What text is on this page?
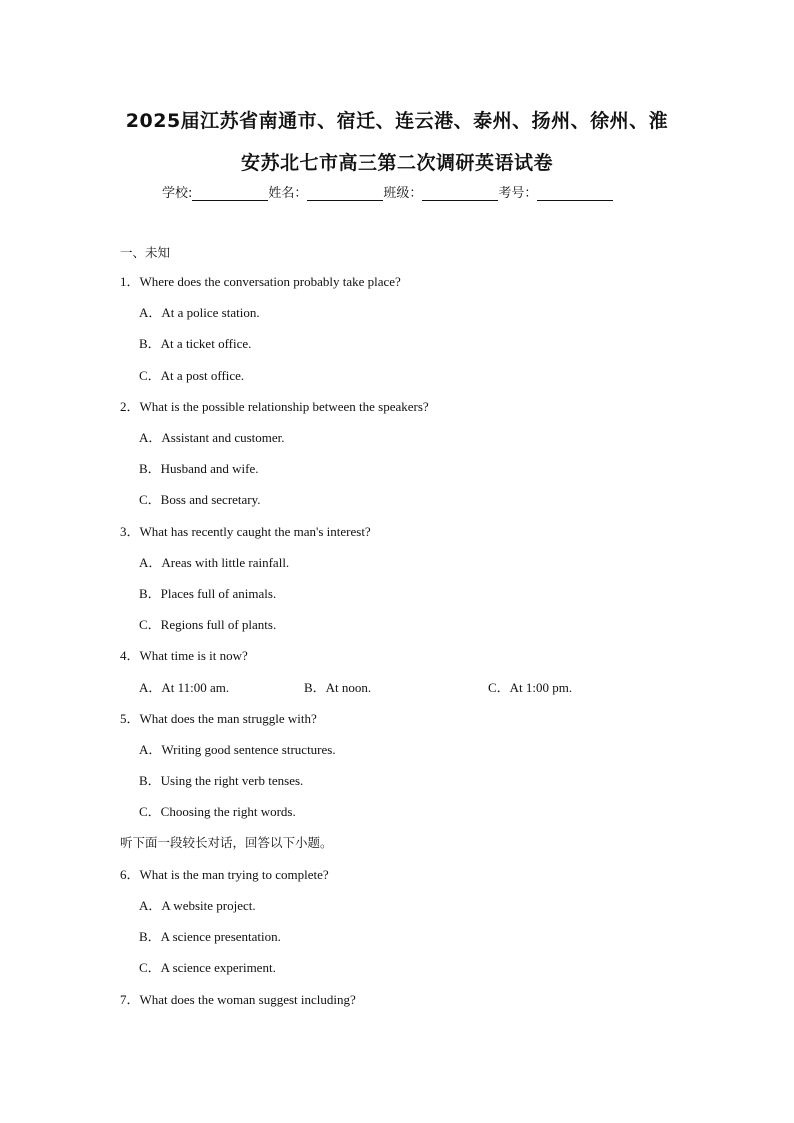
2025届江苏省南通市、宿迁、连云港、泰州、扬州、徐州、淮
安苏北七市高三第二次调研英语试卷
学校:	姓名：	班级：	考号：
一、未知
1．Where does the conversation probably take place?
A．At a police station.
B．At a ticket office.
C．At a post office.
2．What is the possible relationship between the speakers?
A．Assistant and customer.
B．Husband and wife.
C．Boss and secretary.
3．What has recently caught the man's interest?
A．Areas with little rainfall.
B．Places full of animals.
C．Regions full of plants.
4．What time is it now?
A．At 11:00 am.	B．At noon.	C．At 1:00 pm.
5．What does the man struggle with?
A．Writing good sentence structures.
B．Using the right verb tenses.
C．Choosing the right words.
听下面一段较长对话，回答以下小题。
6．What is the man trying to complete?
A．A website project.
B．A science presentation.
C．A science experiment.
7．What does the woman suggest including?
